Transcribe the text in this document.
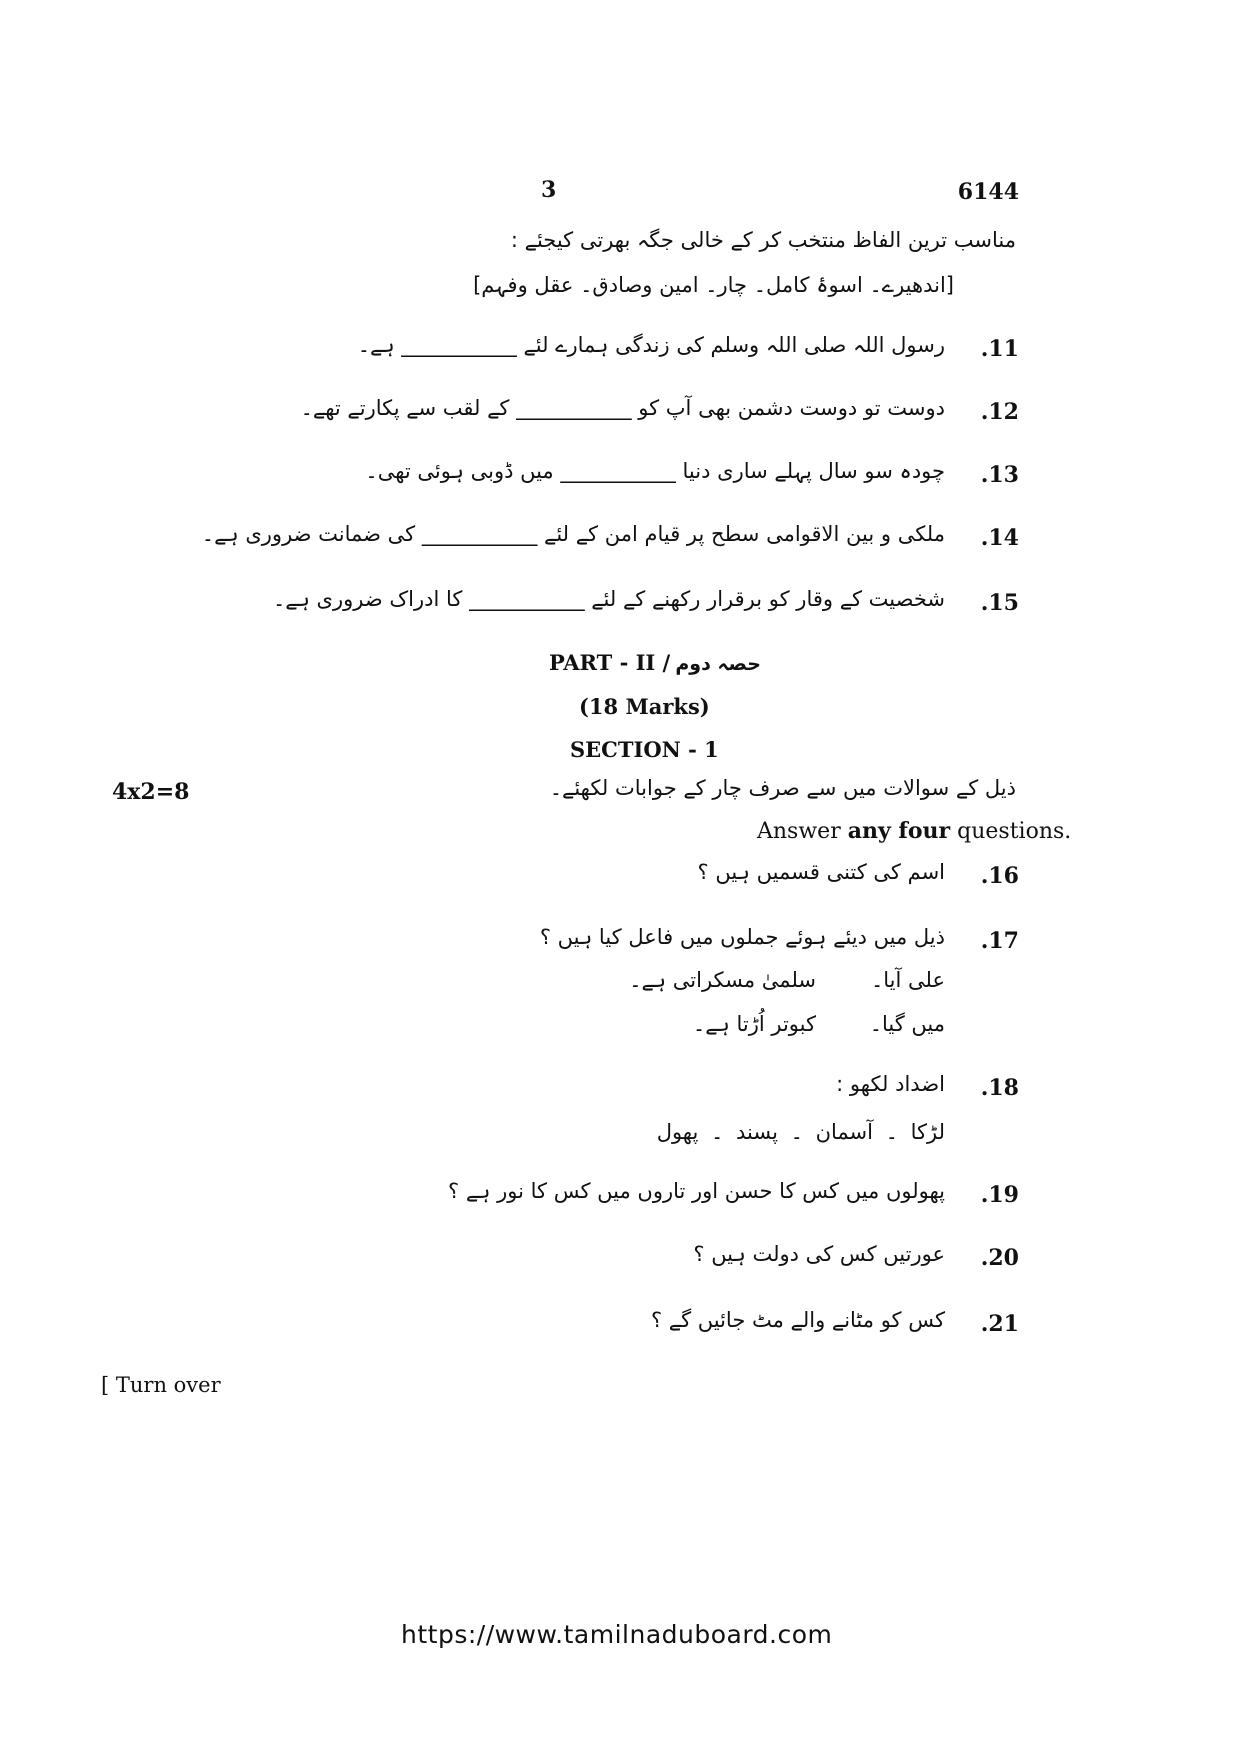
3	6144
مناسب ترین الفاظ منتخب کر کے خالی جگہ بھرتی کیجئے :
[اندھیرے۔ اسوۂ کامل۔ چار۔ امین وصادق۔ عقل وفہم]
.11
رسول اللہ صلی اللہ وسلم کی زندگی ہمارے لئے ___________ ہے۔
.12
دوست تو دوست دشمن بھی آپ کو ___________ کے لقب سے پکارتے تھے۔
.13
چودہ سو سال پہلے ساری دنیا ___________ میں ڈوبی ہوئی تھی۔
.14
ملکی و بین الاقوامی سطح پر قیام امن کے لئے ___________ کی ضمانت ضروری ہے۔
.15
شخصیت کے وقار کو برقرار رکھنے کے لئے ___________ کا ادراک ضروری ہے۔
PART - II / حصہ دوم
(18 Marks)
SECTION - 1
4x2=8	ذیل کے سوالات میں سے صرف چار کے جوابات لکھئے۔
Answer any four questions.
.16
اسم کی کتنی قسمیں ہیں ؟
.17
ذیل میں دیئے ہوئے جملوں میں فاعل کیا ہیں ؟
علی آیا۔
سلمیٰ مسکراتی ہے۔
میں گیا۔
کبوتر اُڑتا ہے۔
.18
اضداد لکھو :
لڑکا ۔ آسمان ۔ پسند ۔ پھول
.19
پھولوں میں کس کا حسن اور تاروں میں کس کا نور ہے ؟
.20
عورتیں کس کی دولت ہیں ؟
.21
کس کو مٹانے والے مٹ جائیں گے ؟
[ Turn over
https://www.tamilnaduboard.com
